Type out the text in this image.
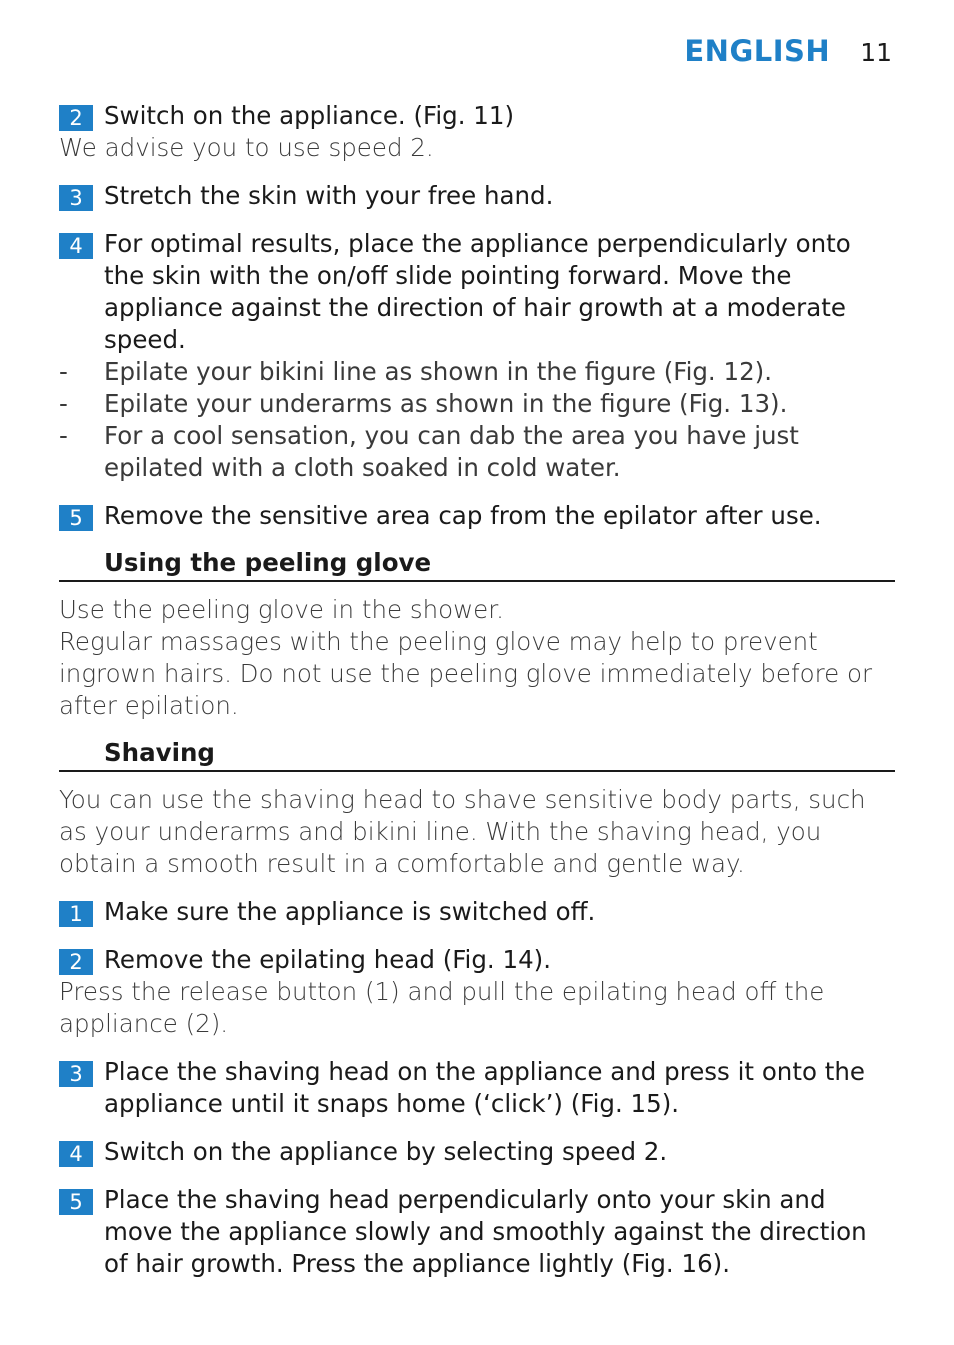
ENGLISH 11
2 Switch on the appliance. (Fig. 11)
We advise you to use speed 2.
3 Stretch the skin with your free hand.
4 For optimal results, place the appliance perpendicularly onto the skin with the on/off slide pointing forward. Move the appliance against the direction of hair growth at a moderate speed.
-	Epilate your bikini line as shown in the figure (Fig. 12).
-	Epilate your underarms as shown in the figure (Fig. 13).
-	For a cool sensation, you can dab the area you have just epilated with a cloth soaked in cold water.
5 Remove the sensitive area cap from the epilator after use.
Using the peeling glove
Use the peeling glove in the shower.
Regular massages with the peeling glove may help to prevent ingrown hairs. Do not use the peeling glove immediately before or after epilation.
Shaving
You can use the shaving head to shave sensitive body parts, such as your underarms and bikini line. With the shaving head, you obtain a smooth result in a comfortable and gentle way.
1 Make sure the appliance is switched off.
2 Remove the epilating head (Fig. 14).
Press the release button (1) and pull the epilating head off the appliance (2).
3 Place the shaving head on the appliance and press it onto the appliance until it snaps home (‘click’) (Fig. 15).
4 Switch on the appliance by selecting speed 2.
5 Place the shaving head perpendicularly onto your skin and move the appliance slowly and smoothly against the direction of hair growth. Press the appliance lightly (Fig. 16).
